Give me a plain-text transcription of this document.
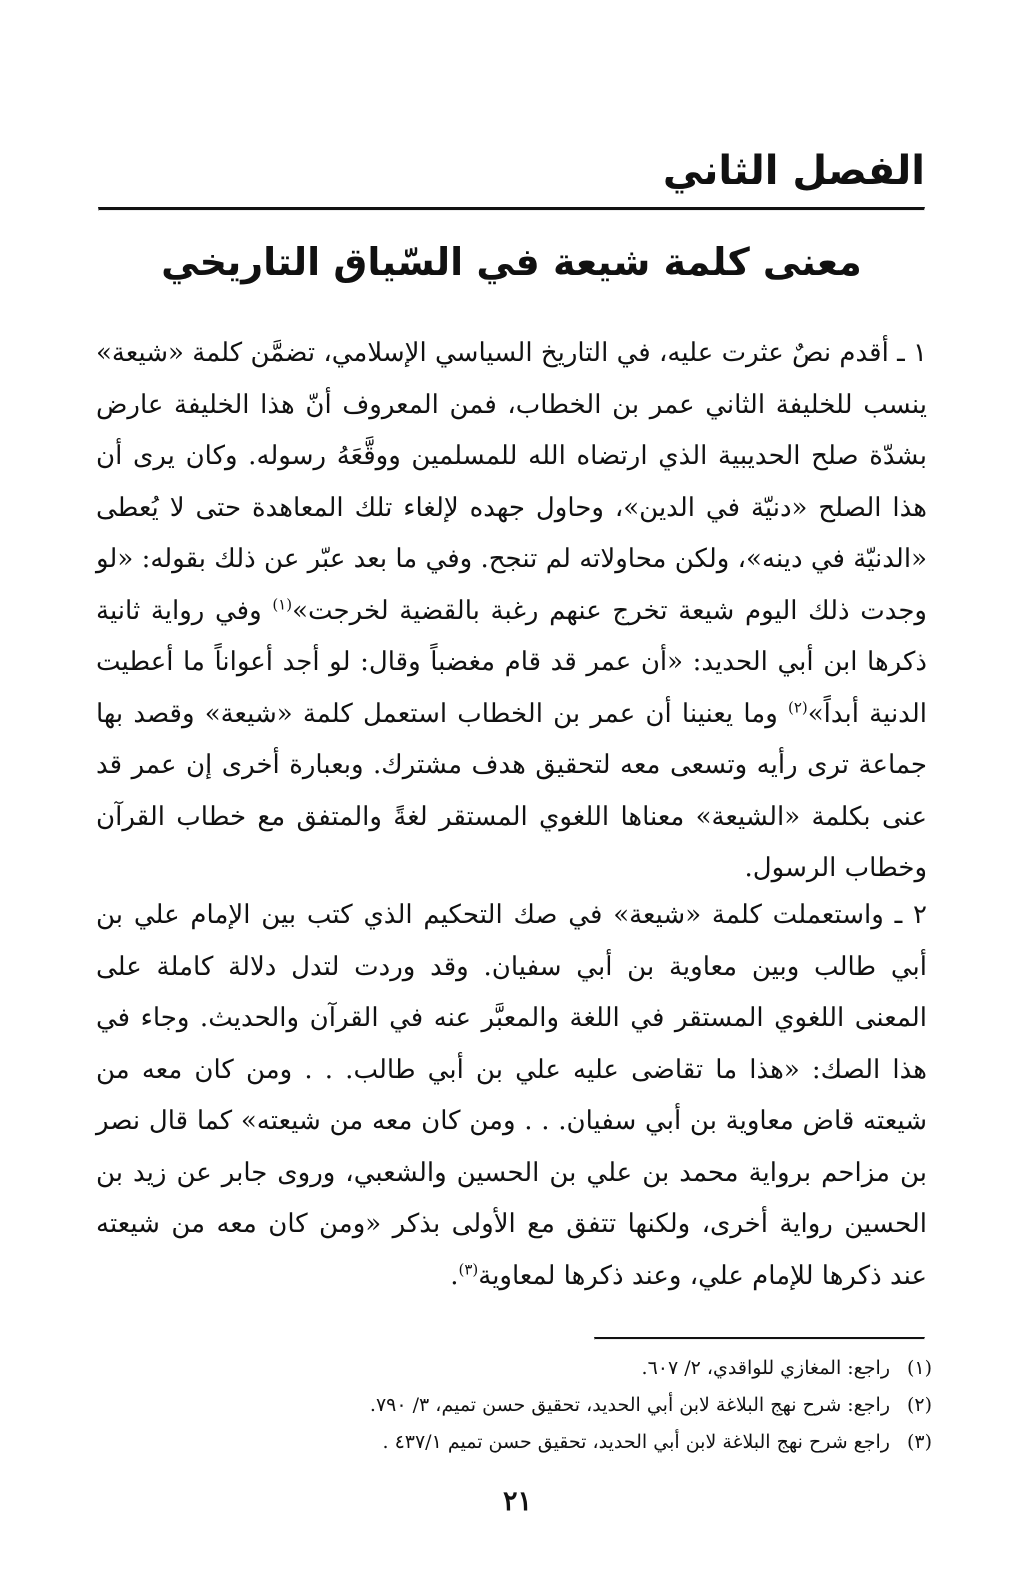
الفصل الثاني
معنى كلمة شيعة في السّياق التاريخي

١ ـ أقدم نصٌ عثرت عليه، في التاريخ السياسي الإسلامي، تضمَّن كلمة «شيعة» ينسب للخليفة الثاني عمر بن الخطاب، فمن المعروف أنّ هذا الخليفة عارض بشدّة صلح الحديبية الذي ارتضاه الله للمسلمين ووقَّعَهُ رسوله. وكان يرى أن هذا الصلح «دنيّة في الدين»، وحاول جهده لإلغاء تلك المعاهدة حتى لا يُعطى «الدنيّة في دينه»، ولكن محاولاته لم تنجح. وفي ما بعد عبّر عن ذلك بقوله: «لو وجدت ذلك اليوم شيعة تخرج عنهم رغبة بالقضية لخرجت»$^{(١)}$ وفي رواية ثانية ذكرها ابن أبي الحديد: «أن عمر قد قام مغضباً وقال: لو أجد أعواناً ما أعطيت الدنية أبداً»$^{(٢)}$ وما يعنينا أن عمر بن الخطاب استعمل كلمة «شيعة» وقصد بها جماعة ترى رأيه وتسعى معه لتحقيق هدف مشترك. وبعبارة أخرى إن عمر قد عنى بكلمة «الشيعة» معناها اللغوي المستقر لغةً والمتفق مع خطاب القرآن وخطاب الرسول.

٢ ـ واستعملت كلمة «شيعة» في صك التحكيم الذي كتب بين الإمام علي بن أبي طالب وبين معاوية بن أبي سفيان. وقد وردت لتدل دلالة كاملة على المعنى اللغوي المستقر في اللغة والمعبَّر عنه في القرآن والحديث. وجاء في هذا الصك: «هذا ما تقاضى عليه علي بن أبي طالب. . . ومن كان معه من شيعته قاض معاوية بن أبي سفيان. . . ومن كان معه من شيعته» كما قال نصر بن مزاحم برواية محمد بن علي بن الحسين والشعبي، وروى جابر عن زيد بن الحسين رواية أخرى، ولكنها تتفق مع الأولى بذكر «ومن كان معه من شيعته عند ذكرها للإمام علي، وعند ذكرها لمعاوية$^{(٣)}$.

(١)
راجع: المغازي للواقدي، ٢/ ٦٠٧.
(٢)
راجع: شرح نهج البلاغة لابن أبي الحديد، تحقيق حسن تميم، ٣/ ٧٩٠.
(٣)
راجع شرح نهج البلاغة لابن أبي الحديد، تحقيق حسن تميم ٤٣٧/١ .
٢١
